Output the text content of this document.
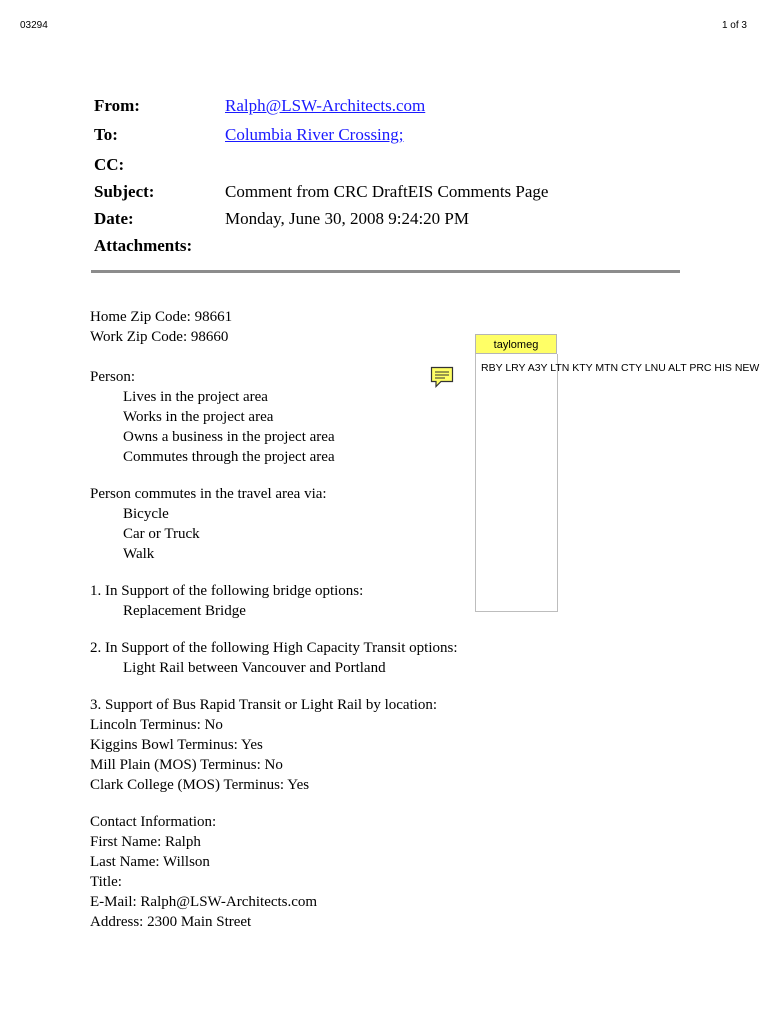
03294	1 of 3
From:	Ralph@LSW-Architects.com
To:	Columbia River Crossing;
CC:
Subject:	Comment from CRC DraftEIS Comments Page
Date:	Monday, June 30, 2008 9:24:20 PM
Attachments:
Home Zip Code: 98661
Work Zip Code: 98660
Person:
Lives in the project area
Works in the project area
Owns a business in the project area
Commutes through the project area
Person commutes in the travel area via:
Bicycle
Car or Truck
Walk
1. In Support of the following bridge options:
Replacement Bridge
2. In Support of the following High Capacity Transit options:
Light Rail between Vancouver and Portland
3. Support of Bus Rapid Transit or Light Rail by location:
Lincoln Terminus: No
Kiggins Bowl Terminus: Yes
Mill Plain (MOS) Terminus: No
Clark College (MOS) Terminus: Yes
Contact Information:
First Name: Ralph
Last Name: Willson
Title:
E-Mail: Ralph@LSW-Architects.com
Address: 2300 Main Street
taylomeg
RBY LRY A3Y LTN KTY MTN CTY LNU ALT PRC HIS NEW
